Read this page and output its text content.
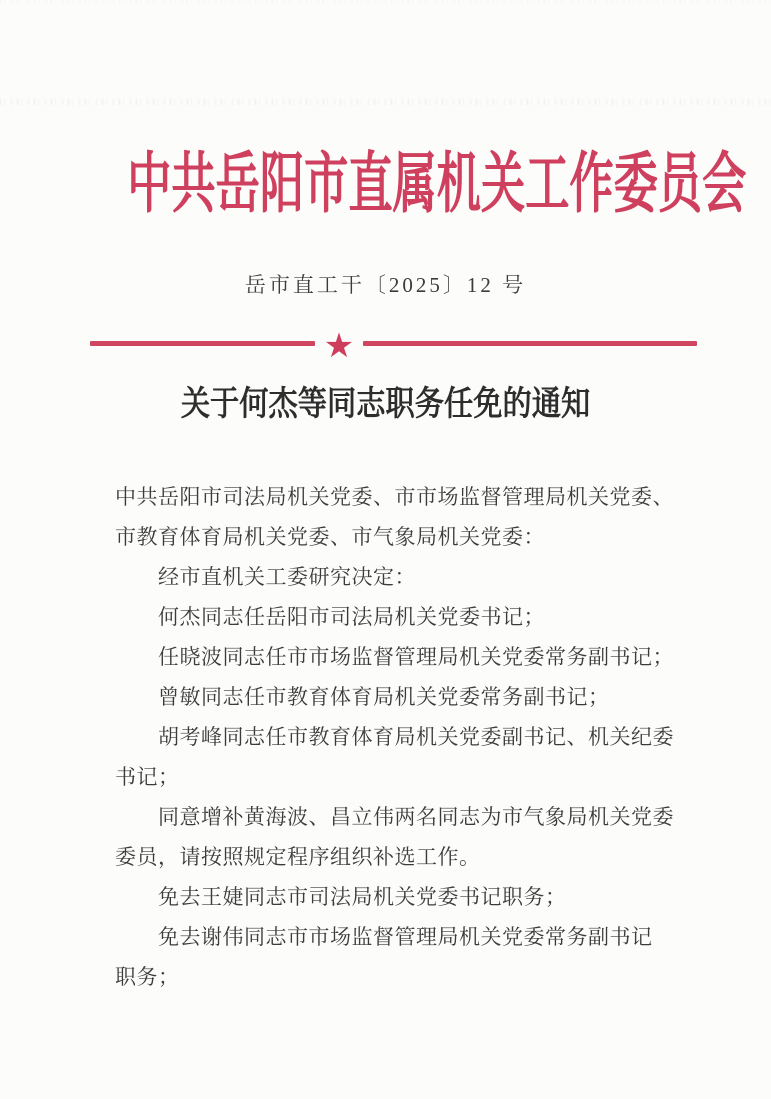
中共岳阳市直属机关工作委员会
岳市直工干〔2025〕12 号
★
关于何杰等同志职务任免的通知
中共岳阳市司法局机关党委、市市场监督管理局机关党委、
市教育体育局机关党委、市气象局机关党委：
经市直机关工委研究决定：
何杰同志任岳阳市司法局机关党委书记；
任晓波同志任市市场监督管理局机关党委常务副书记；
曾敏同志任市教育体育局机关党委常务副书记；
胡考峰同志任市教育体育局机关党委副书记、机关纪委
书记；
同意增补黄海波、昌立伟两名同志为市气象局机关党委
委员，请按照规定程序组织补选工作。
免去王婕同志市司法局机关党委书记职务；
免去谢伟同志市市场监督管理局机关党委常务副书记
职务；
